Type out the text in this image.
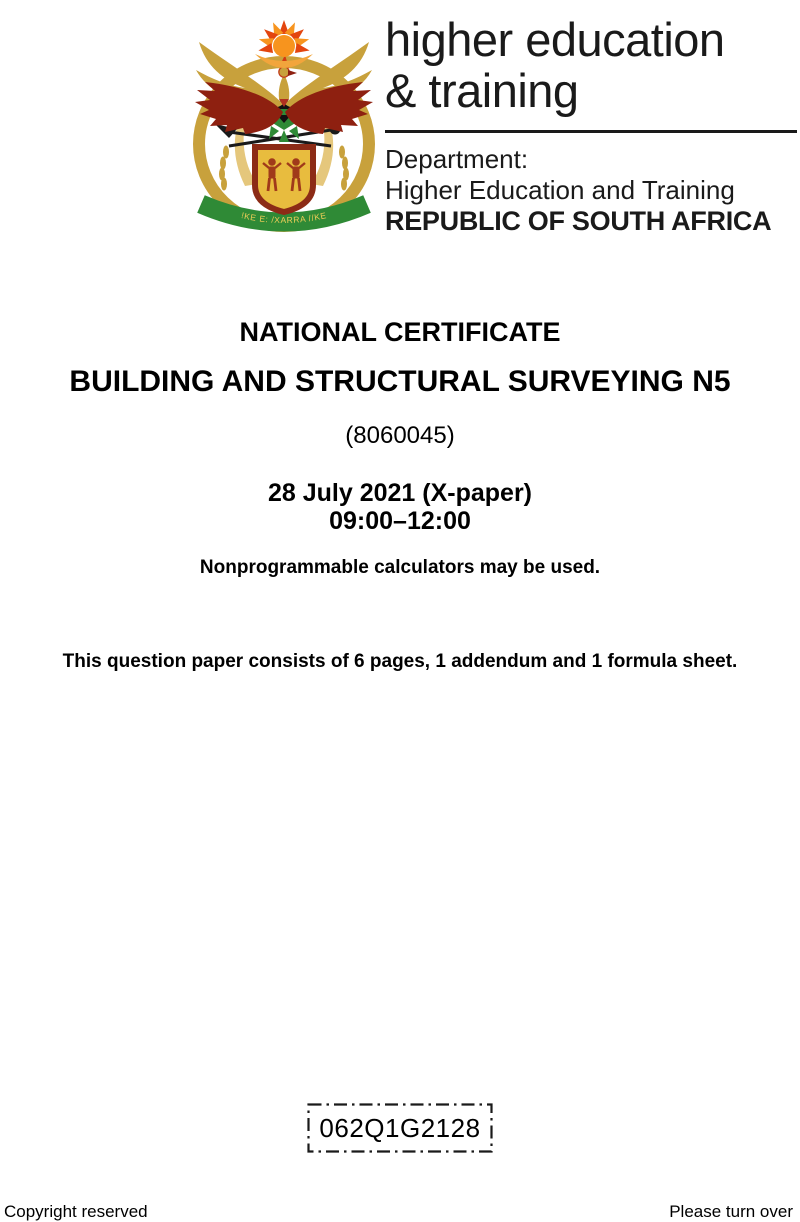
!KE E: /XARRA //KE
higher education
& training
Department:
Higher Education and Training
REPUBLIC OF SOUTH AFRICA
NATIONAL CERTIFICATE
BUILDING AND STRUCTURAL SURVEYING N5
(8060045)
28 July 2021 (X-paper)
09:00–12:00
Nonprogrammable calculators may be used.
This question paper consists of 6 pages, 1 addendum and 1 formula sheet.
062Q1G2128
Copyright reserved	Please turn over
